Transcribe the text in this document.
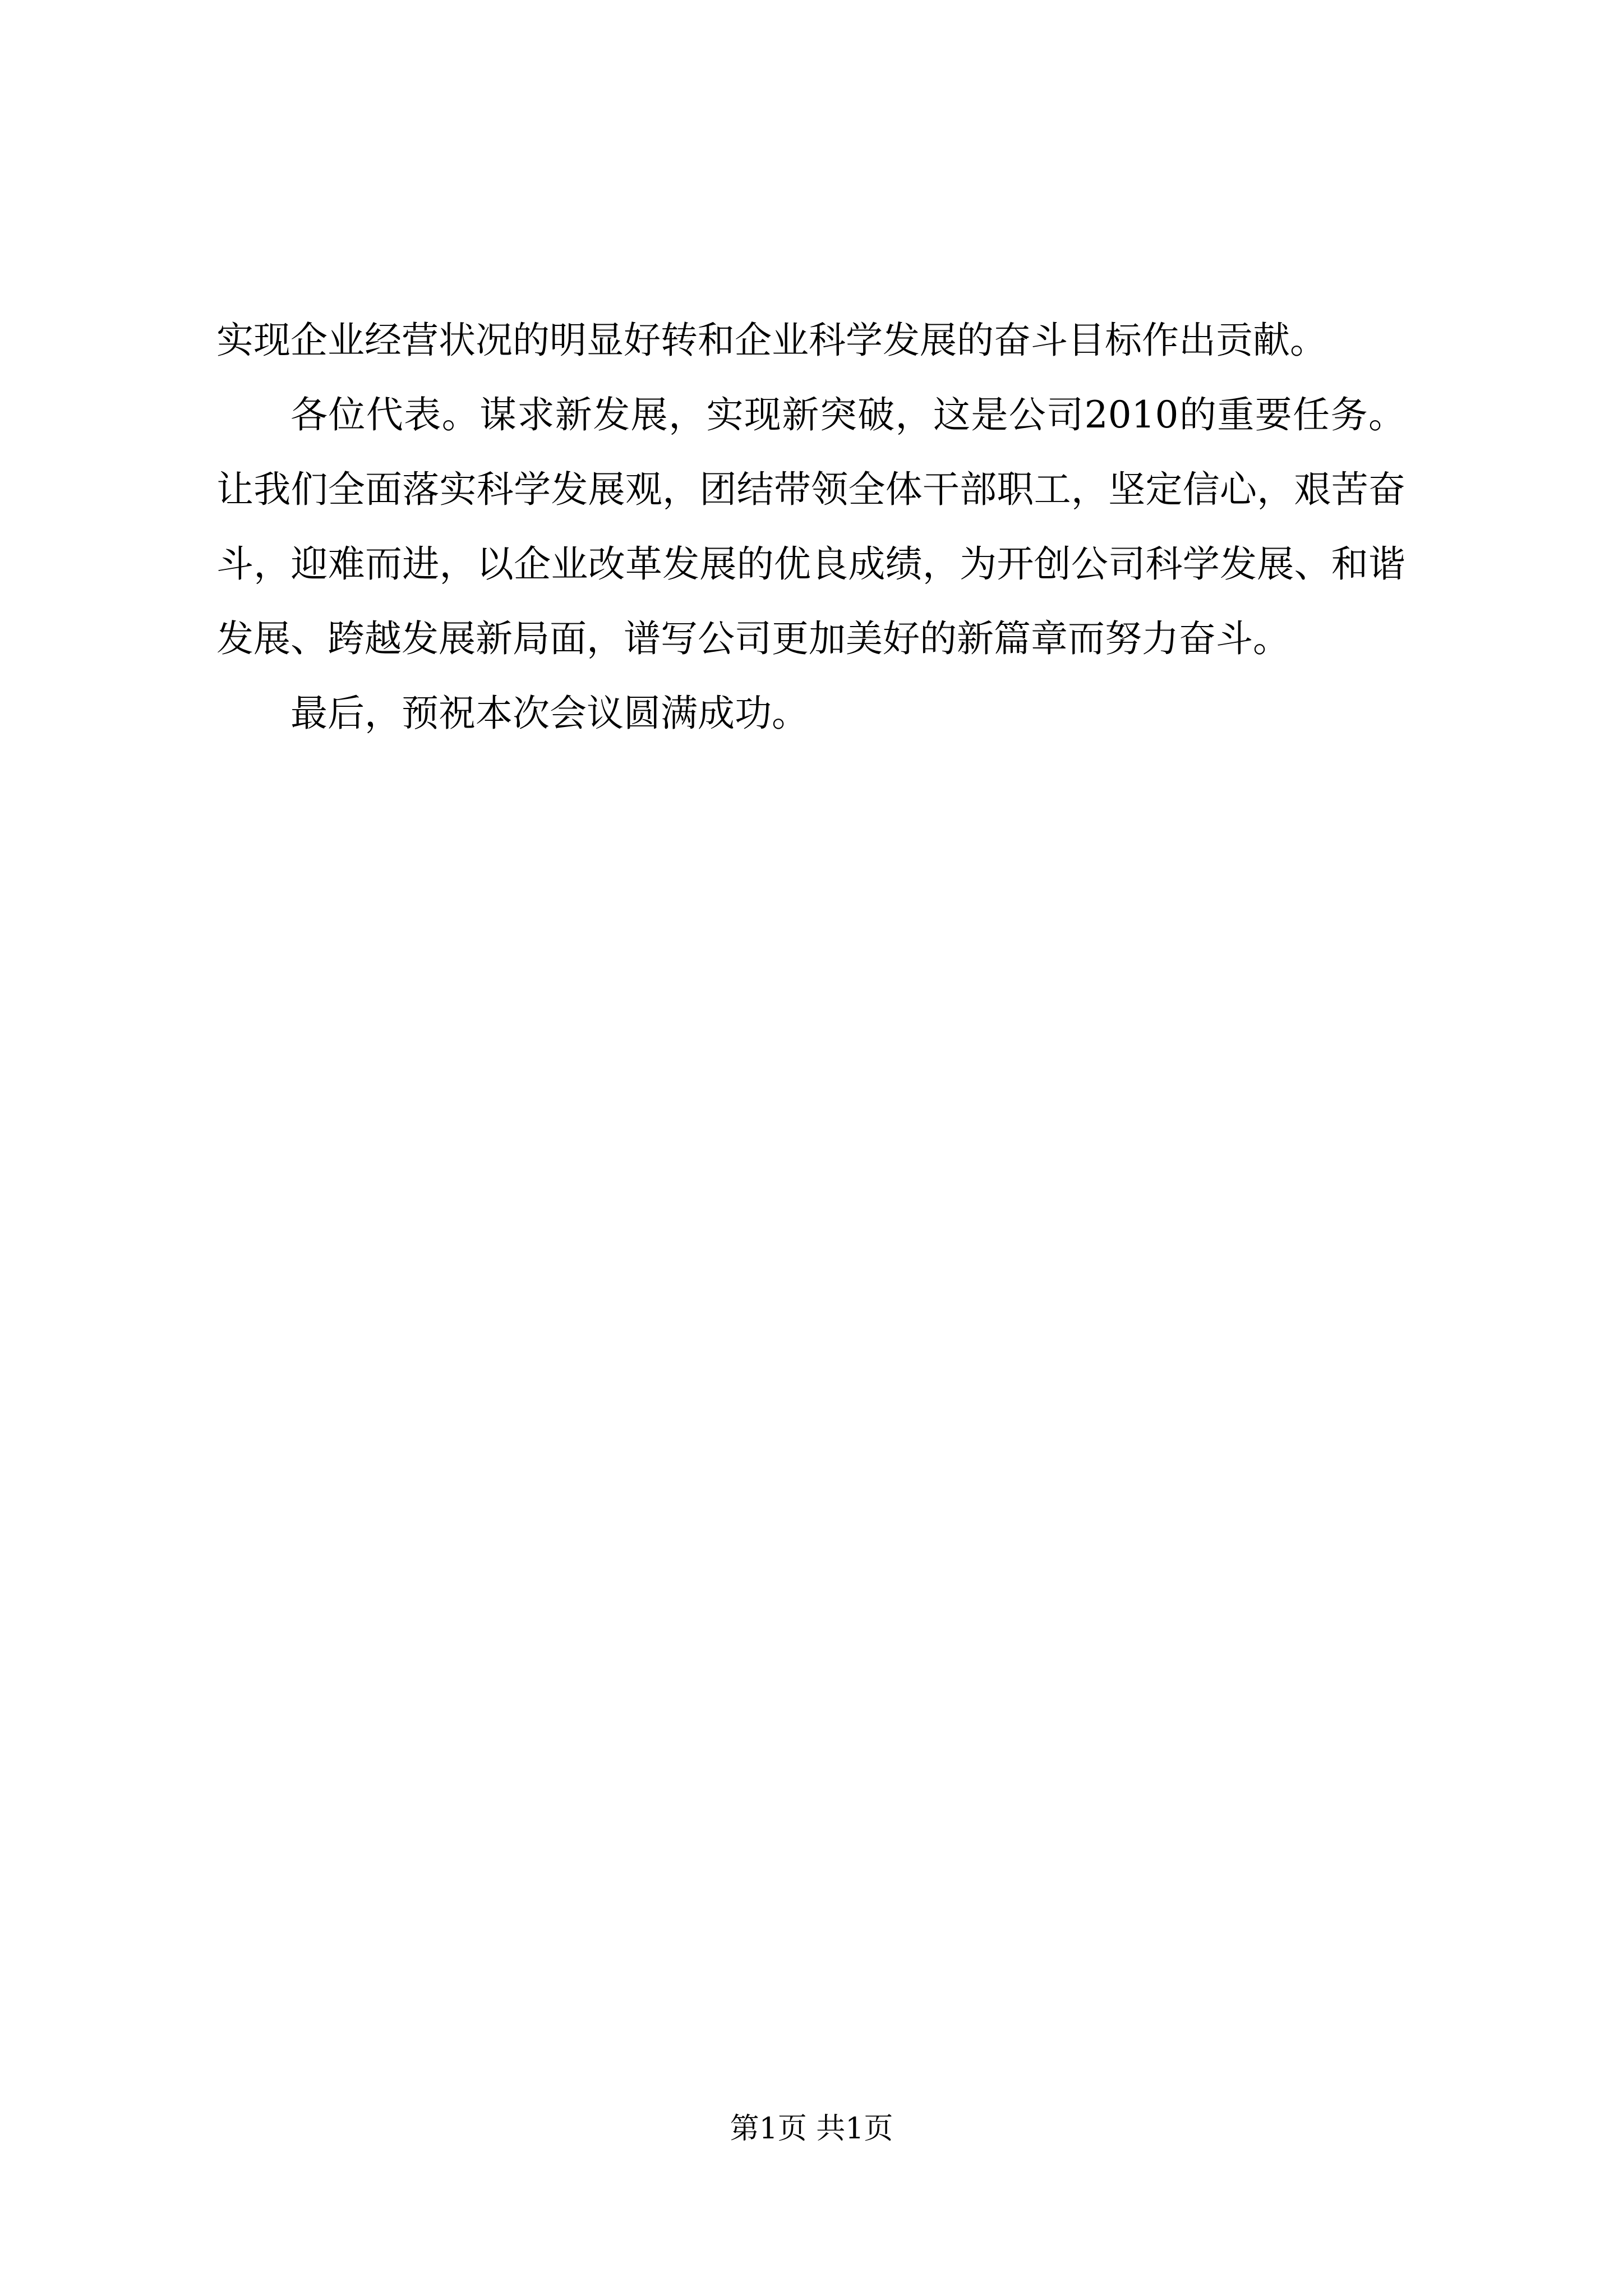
实现企业经营状况的明显好转和企业科学发展的奋斗目标作出贡献。

各位代表。谋求新发展，实现新突破，这是公司2010的重要任务。让我们全面落实科学发展观，团结带领全体干部职工，坚定信心，艰苦奋斗，迎难而进，以企业改革发展的优良成绩，为开创公司科学发展、和谐发展、跨越发展新局面，谱写公司更加美好的新篇章而努力奋斗。

最后，预祝本次会议圆满成功。

第1页 共1页
